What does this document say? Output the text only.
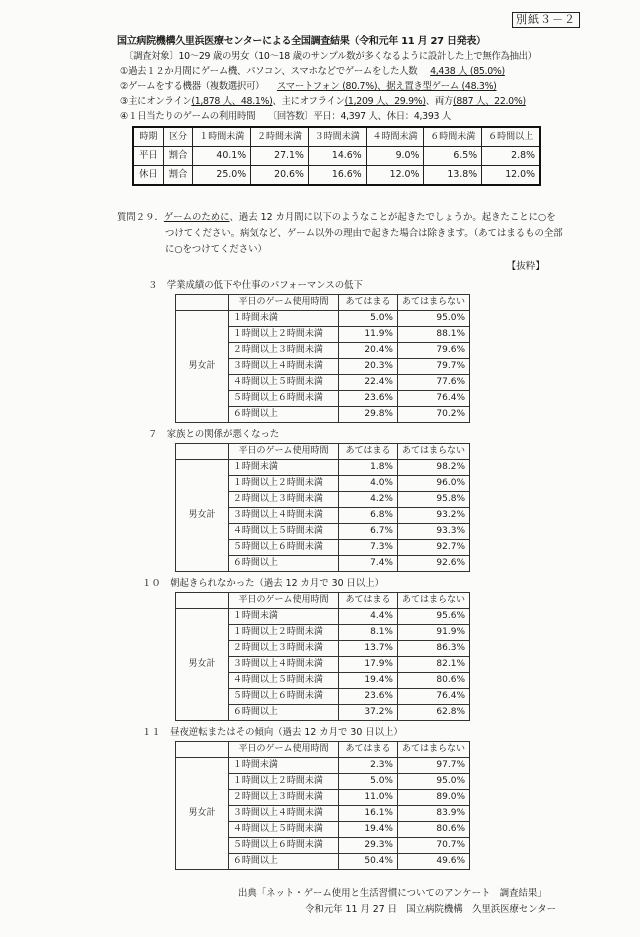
別紙３－２
国立病院機構久里浜医療センターによる全国調査結果（令和元年 11 月 27 日発表）
〔調査対象〕10～29 歳の男女（10～18 歳のサンプル数が多くなるように設計した上で無作為抽出）
①過去１２か月間にゲーム機、パソコン、スマホなどでゲームをした人数 4,438 人 (85.0%)
②ゲームをする機器（複数選択可） スマートフォン (80.7%)、据え置き型ゲーム (48.3%)
③主にオンライン(1,878 人、48.1%)、主にオフライン(1,209 人、29.9%)、両方(887 人、22.0%)
④１日当たりのゲームの利用時間 〔回答数〕平日：4,397 人、休日：4,393 人
時期	区分	１時間未満	２時間未満	３時間未満	４時間未満	６時間未満	６時間以上
平日	割合	40.1%	27.1%	14.6%	9.0%	6.5%	2.8%
休日	割合	25.0%	20.6%	16.6%	12.0%	13.8%	12.0%
質問２９．ゲームのために、過去 12 カ月間に以下のようなことが起きたでしょうか。起きたことに○を
つけてください。病気など、ゲーム以外の理由で起きた場合は除きます。（あてはまるもの全部
に○をつけてください）
【抜粋】
３　学業成績の低下や仕事のパフォーマンスの低下
	平日のゲーム使用時間	あてはまる	あてはまらない
男女計	１時間未満	5.0%	95.0%
	１時間以上２時間未満	11.9%	88.1%
	２時間以上３時間未満	20.4%	79.6%
	３時間以上４時間未満	20.3%	79.7%
	４時間以上５時間未満	22.4%	77.6%
	５時間以上６時間未満	23.6%	76.4%
	６時間以上	29.8%	70.2%
７　家族との関係が悪くなった
	平日のゲーム使用時間	あてはまる	あてはまらない
男女計	１時間未満	1.8%	98.2%
	１時間以上２時間未満	4.0%	96.0%
	２時間以上３時間未満	4.2%	95.8%
	３時間以上４時間未満	6.8%	93.2%
	４時間以上５時間未満	6.7%	93.3%
	５時間以上６時間未満	7.3%	92.7%
	６時間以上	7.4%	92.6%
１０　朝起きられなかった（過去 12 カ月で 30 日以上）
	平日のゲーム使用時間	あてはまる	あてはまらない
男女計	１時間未満	4.4%	95.6%
	１時間以上２時間未満	8.1%	91.9%
	２時間以上３時間未満	13.7%	86.3%
	３時間以上４時間未満	17.9%	82.1%
	４時間以上５時間未満	19.4%	80.6%
	５時間以上６時間未満	23.6%	76.4%
	６時間以上	37.2%	62.8%
１１　昼夜逆転またはその傾向（過去 12 カ月で 30 日以上）
	平日のゲーム使用時間	あてはまる	あてはまらない
男女計	１時間未満	2.3%	97.7%
	１時間以上２時間未満	5.0%	95.0%
	２時間以上３時間未満	11.0%	89.0%
	３時間以上４時間未満	16.1%	83.9%
	４時間以上５時間未満	19.4%	80.6%
	５時間以上６時間未満	29.3%	70.7%
	６時間以上	50.4%	49.6%
出典「ネット・ゲーム使用と生活習慣についてのアンケート　調査結果」
令和元年 11 月 27 日　国立病院機構　久里浜医療センター
